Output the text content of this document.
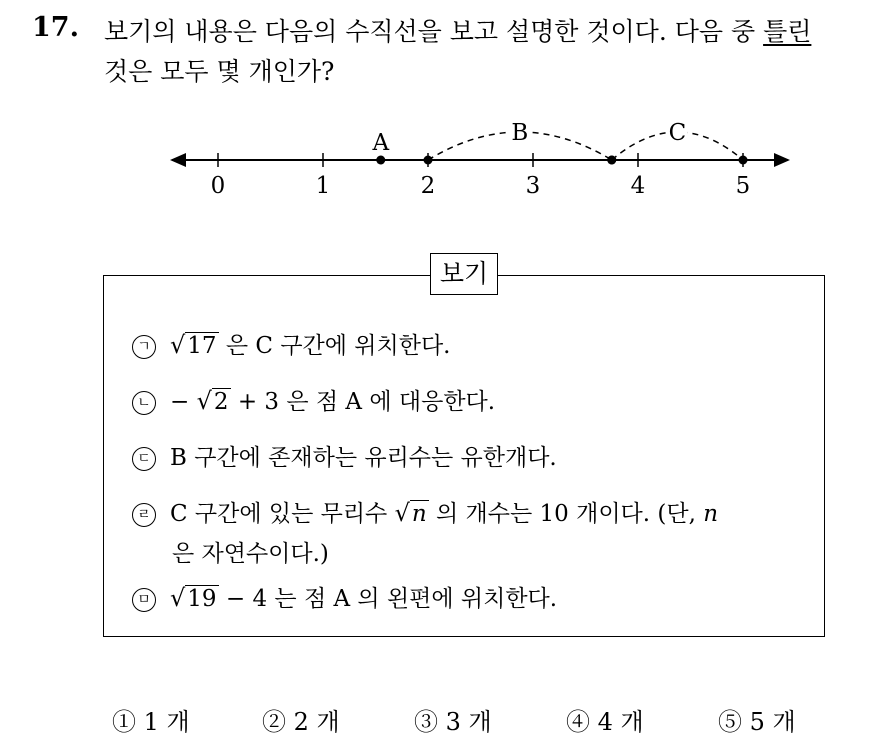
17. 보기의 내용은 다음의 수직선을 보고 설명한 것이다. 다음 중 틀린
것은 모두 몇 개인가?
0	1	2	3	4	5
A	B	C
보기
ㄱ √17 은 C 구간에 위치한다.
ㄴ − √2 + 3 은 점 A 에 대응한다.
ㄷ B 구간에 존재하는 유리수는 유한개다.
ㄹ C 구간에 있는 무리수 √n 의 개수는 10 개이다. (단, n
은 자연수이다.)
ㅁ √19 − 4 는 점 A 의 왼편에 위치한다.
① 1 개	② 2 개	③ 3 개	④ 4 개	⑤ 5 개
